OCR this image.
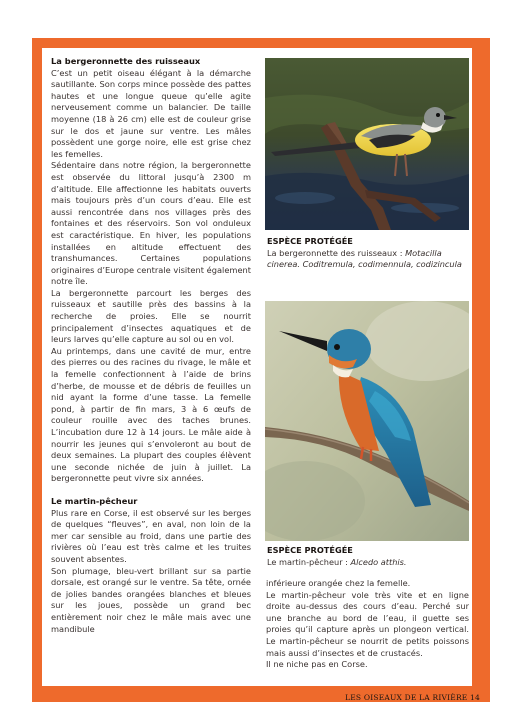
La bergeronnette des ruisseaux

C’est un petit oiseau élégant à la démarche sautillante. Son corps mince possède des pattes hautes et une longue queue qu’elle agite nerveusement comme un balancier. De taille moyenne (18 à 26 cm) elle est de couleur grise sur le dos et jaune sur ventre. Les mâles possèdent une gorge noire, elle est grise chez les femelles.

Sédentaire dans notre région, la bergeronnette est observée du littoral jusqu’à 2300 m d’altitude. Elle affectionne les habitats ouverts mais toujours près d’un cours d’eau. Elle est aussi rencontrée dans nos villages près des fontaines et des réservoirs. Son vol onduleux est caractéristique. En hiver, les populations installées en altitude effectuent des transhumances. Certaines populations originaires d’Europe centrale visitent également notre île.

La bergeronnette parcourt les berges des ruisseaux et sautille près des bassins à la recherche de proies. Elle se nourrit principalement d’insectes aquatiques et de leurs larves qu’elle capture au sol ou en vol.

Au printemps, dans une cavité de mur, entre des pierres ou des racines du rivage, le mâle et la femelle confectionnent à l’aide de brins d’herbe, de mousse et de débris de feuilles un nid ayant la forme d’une tasse. La femelle pond, à partir de fin mars, 3 à 6 œufs de couleur rouille avec des taches brunes. L’incubation dure 12 à 14 jours. Le mâle aide à nourrir les jeunes qui s’envoleront au bout de deux semaines. La plupart des couples élèvent une seconde nichée de juin à juillet. La bergeronnette peut vivre six années.

Le martin-pêcheur

Plus rare en Corse, il est observé sur les berges de quelques “fleuves”, en aval, non loin de la mer car sensible au froid, dans une partie des rivières où l’eau est très calme et les truites souvent absentes.

Son plumage, bleu-vert brillant sur sa partie dorsale, est orangé sur le ventre. Sa tête, ornée de jolies bandes orangées blanches et bleues sur les joues, possède un grand bec entièrement noir chez le mâle mais avec une mandibule

ESPÈCE PROTÉGÉE
La bergeronnette des ruisseaux : Motacilla cinerea. Coditremula, codimennula, codizincula
ESPÈCE PROTÉGÉE
Le martin-pêcheur : Alcedo atthis.

inférieure orangée chez la femelle.

Le martin-pêcheur vole très vite et en ligne droite au-dessus des cours d’eau. Perché sur une branche au bord de l’eau, il guette ses proies qu’il capture après un plongeon vertical. Le martin-pêcheur se nourrit de petits poissons mais aussi d’insectes et de crustacés.

Il ne niche pas en Corse.

LES OISEAUX DE LA RIVIÈRE 14
